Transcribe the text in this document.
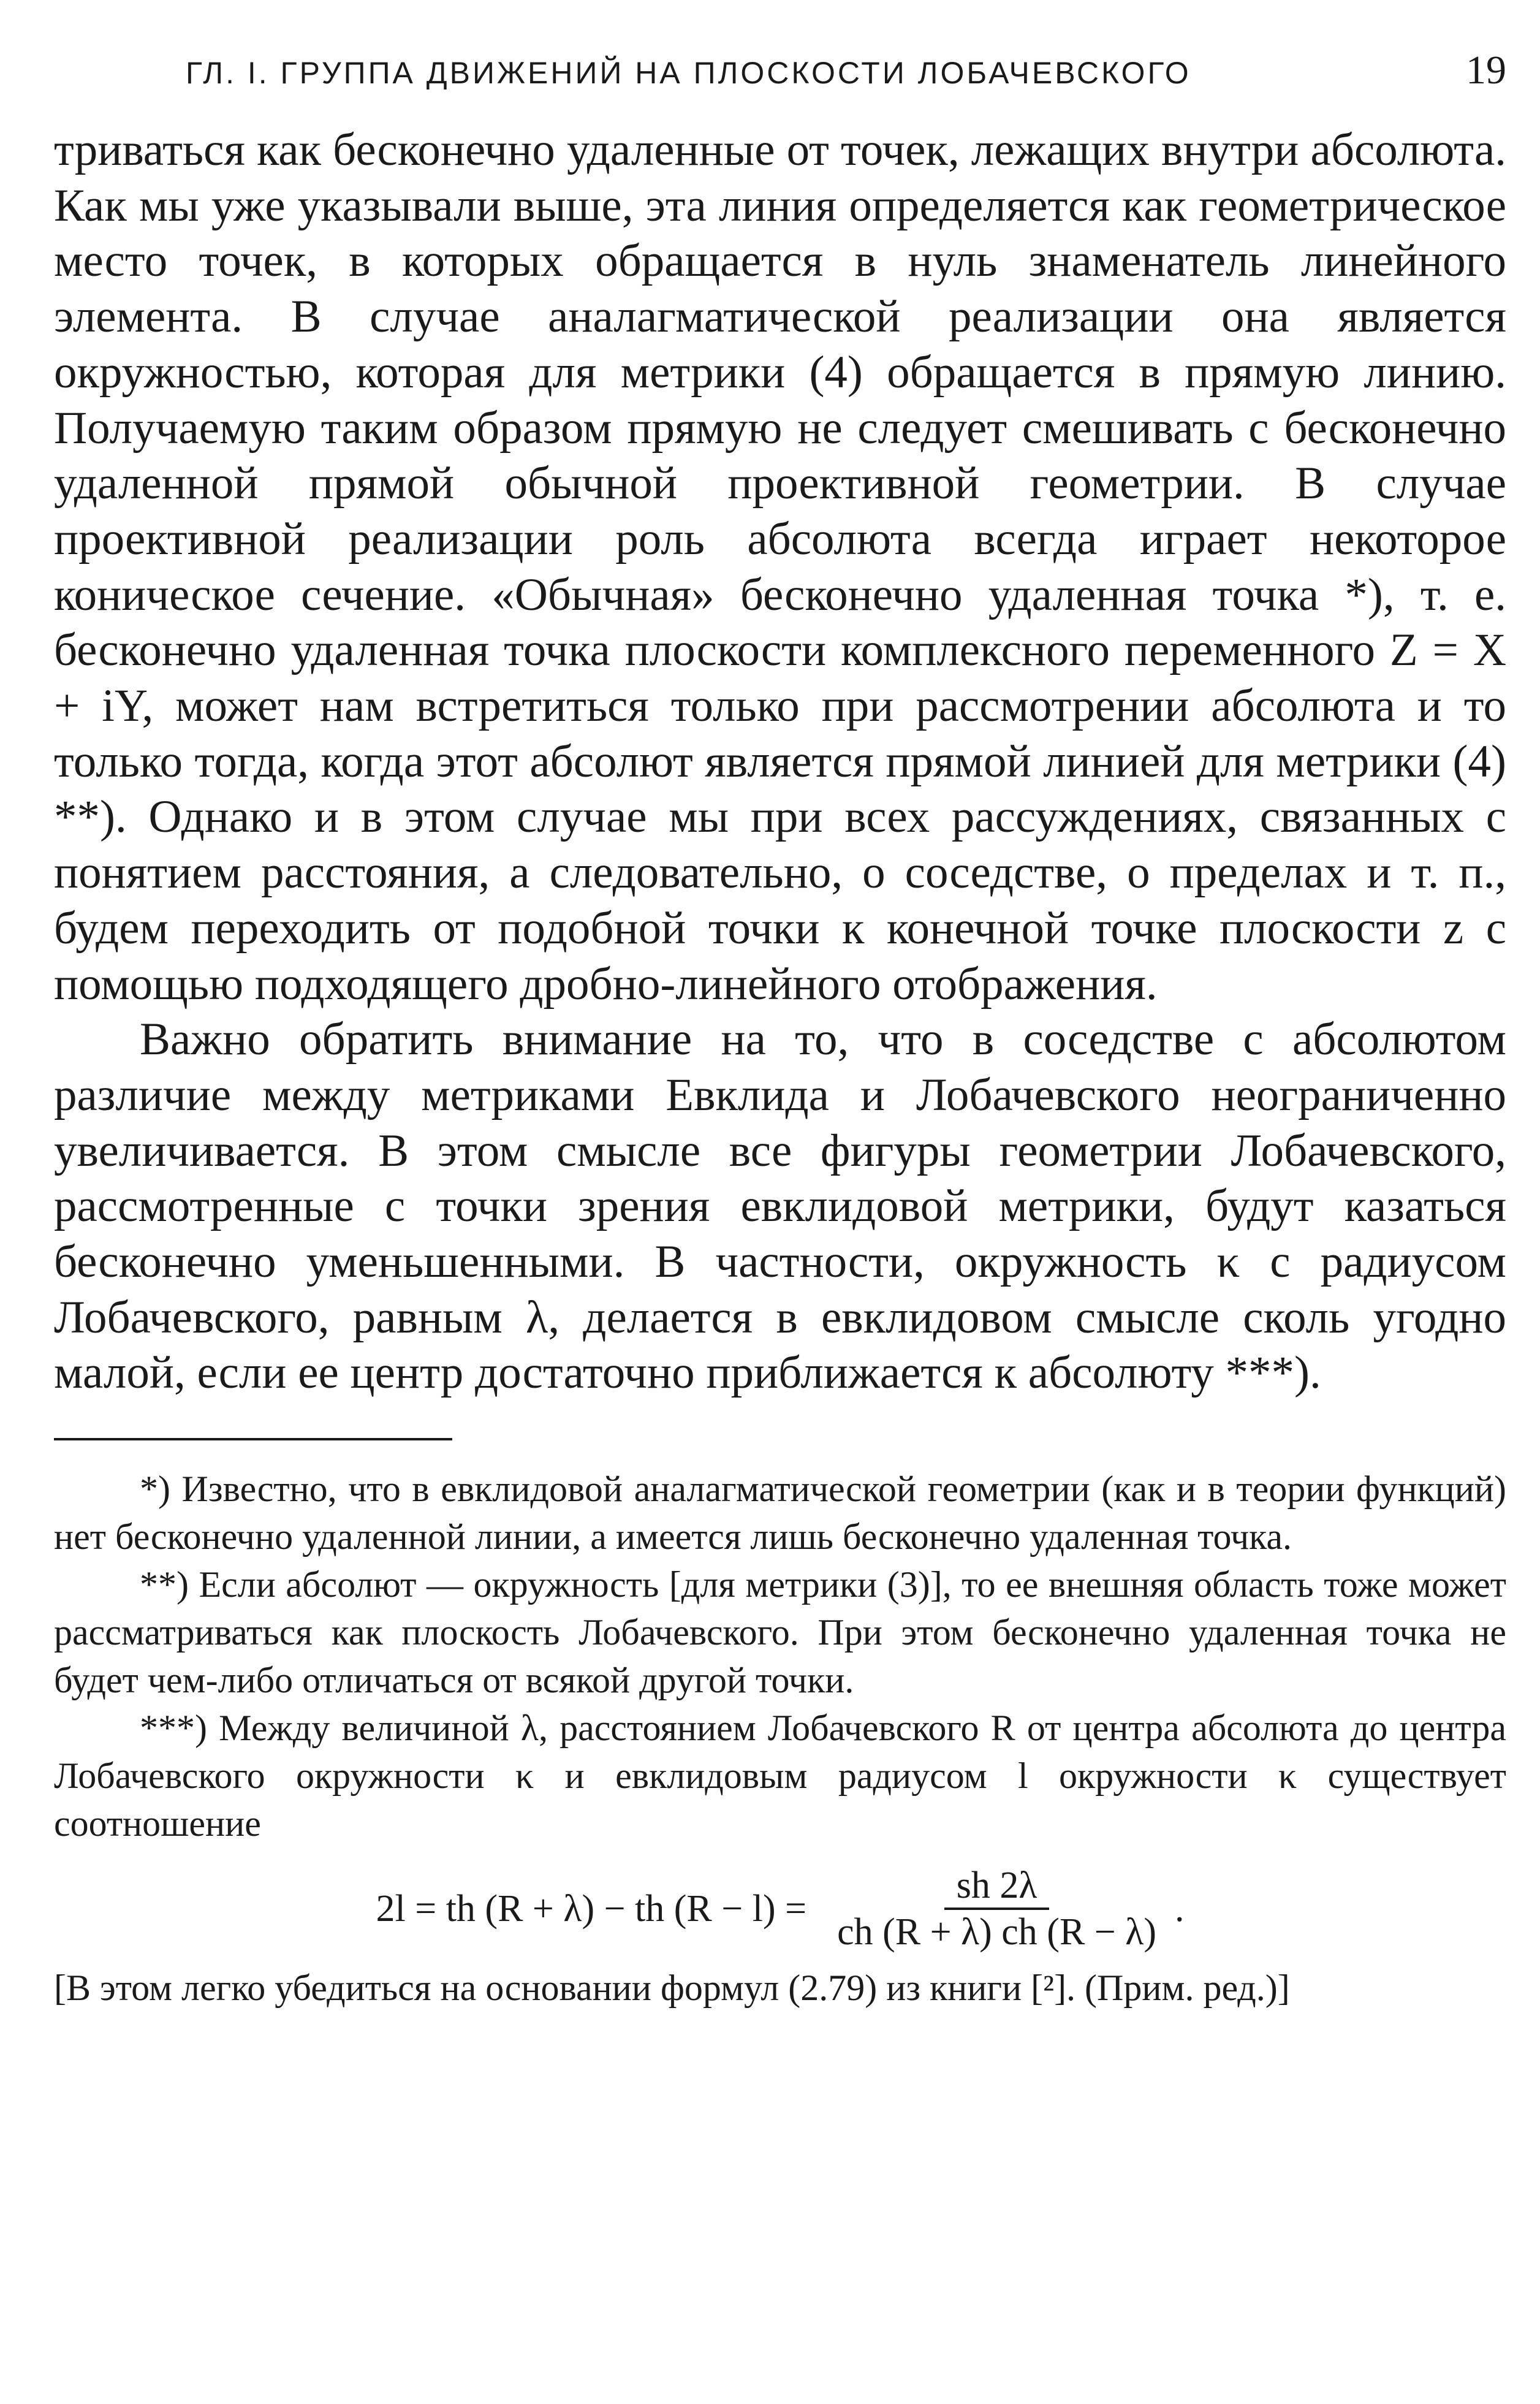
ГЛ. I. ГРУППА ДВИЖЕНИЙ НА ПЛОСКОСТИ ЛОБАЧЕВСКОГО	19

триваться как бесконечно удаленные от точек, лежащих внутри абсолюта. Как мы уже указывали выше, эта линия определяется как геометрическое место точек, в которых обращается в нуль знаменатель линейного элемента. В случае аналагматической реализации она является окружностью, которая для метрики (4) обращается в прямую линию. Получаемую таким образом прямую не следует смешивать с бесконечно удаленной прямой обычной проективной геометрии. В случае проективной реализации роль абсолюта всегда играет некоторое коническое сечение. «Обычная» бесконечно удаленная точка *), т. е. бесконечно удаленная точка плоскости комплексного переменного Z = X + iY, может нам встретиться только при рассмотрении абсолюта и то только тогда, когда этот абсолют является прямой линией для метрики (4) **). Однако и в этом случае мы при всех рассуждениях, связанных с понятием расстояния, а следовательно, о соседстве, о пределах и т. п., будем переходить от подобной точки к конечной точке плоскости z с помощью подходящего дробно-линейного отображения.

Важно обратить внимание на то, что в соседстве с абсолютом различие между метриками Евклида и Лобачевского неограниченно увеличивается. В этом смысле все фигуры геометрии Лобачевского, рассмотренные с точки зрения евклидовой метрики, будут казаться бесконечно уменьшенными. В частности, окружность κ с радиусом Лобачевского, равным λ, делается в евклидовом смысле сколь угодно малой, если ее центр достаточно приближается к абсолюту ***).

*) Известно, что в евклидовой аналагматической геометрии (как и в теории функций) нет бесконечно удаленной линии, а имеется лишь бесконечно удаленная точка.

**) Если абсолют — окружность [для метрики (3)], то ее внешняя область тоже может рассматриваться как плоскость Лобачевского. При этом бесконечно удаленная точка не будет чем-либо отличаться от всякой другой точки.

***) Между величиной λ, расстоянием Лобачевского R от центра абсолюта до центра Лобачевского окружности κ и евклидовым радиусом l окружности κ существует соотношение

2l = th (R + λ) − th $(R - l) = \frac{sh 2\lambda}{ch (R + \lambda) ch (R - \lambda)}$ .

[В этом легко убедиться на основании формул (2.79) из книги [²]. (Прим. ред.)]
